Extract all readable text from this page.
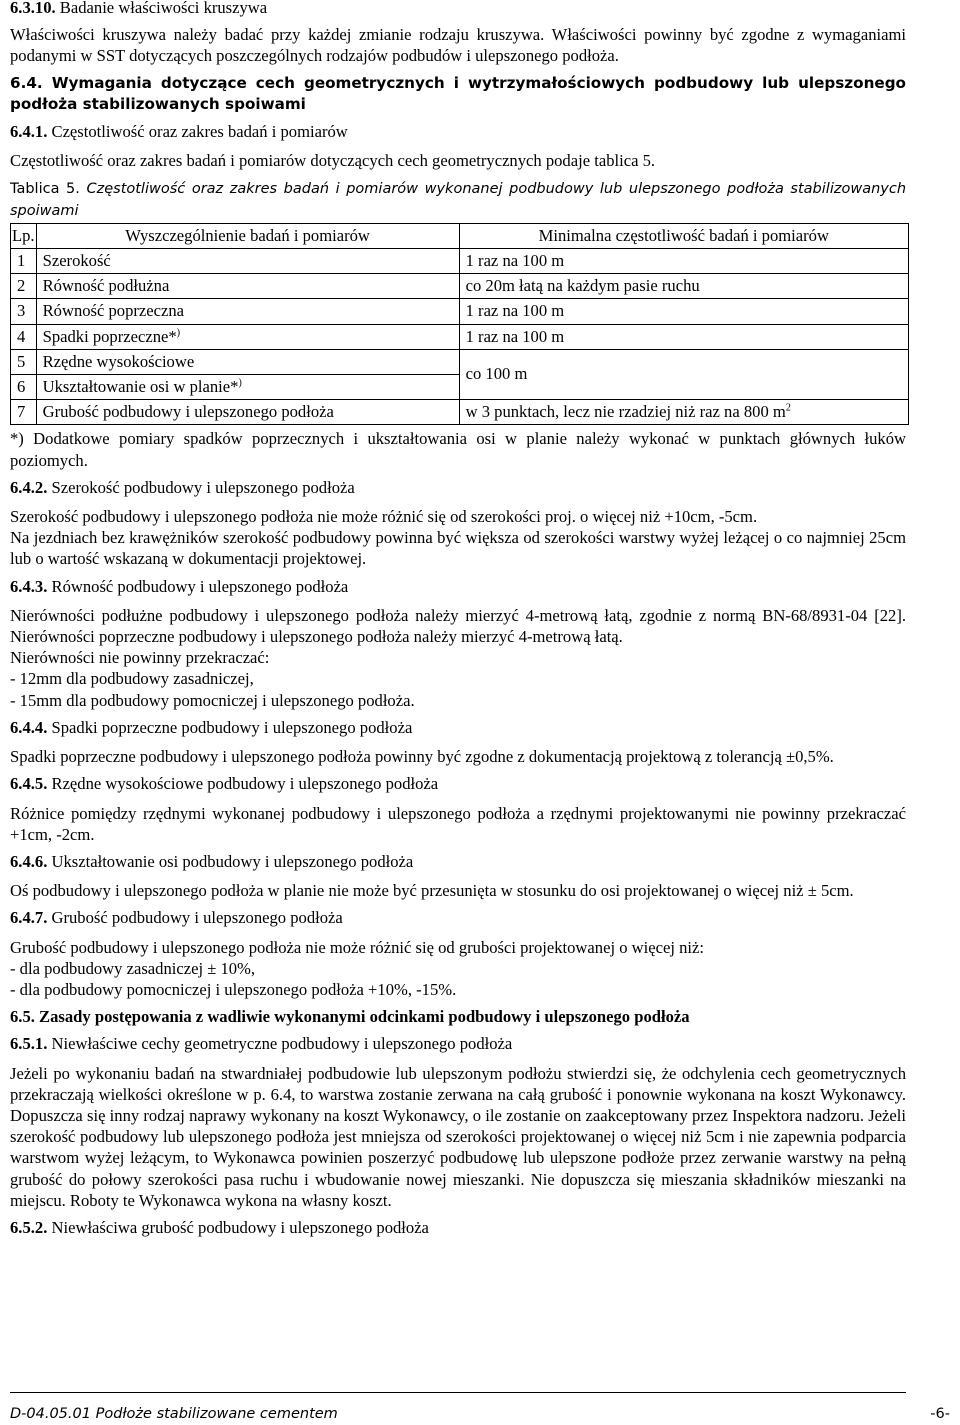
6.3.10. Badanie właściwości kruszywa

Właściwości kruszywa należy badać przy każdej zmianie rodzaju kruszywa. Właściwości powinny być zgodne z wymaganiami podanymi w SST dotyczących poszczególnych rodzajów podbudów i ulepszonego podłoża.

6.4. Wymagania dotyczące cech geometrycznych i wytrzymałościowych podbudowy lub ulepszonego podłoża stabilizowanych spoiwami

6.4.1. Częstotliwość oraz zakres badań i pomiarów

Częstotliwość oraz zakres badań i pomiarów dotyczących cech geometrycznych podaje tablica 5.

Tablica 5. Częstotliwość oraz zakres badań i pomiarów wykonanej podbudowy lub ulepszonego podłoża stabilizowanych spoiwami

Lp.	Wyszczególnienie badań i pomiarów	Minimalna częstotliwość badań i pomiarów
1	Szerokość	1 raz na 100 m
2	Równość podłużna	co 20m łatą na każdym pasie ruchu
3	Równość poprzeczna	1 raz na 100 m
4	Spadki poprzeczne*)	1 raz na 100 m
5	Rzędne wysokościowe	co 100 m
6	Ukształtowanie osi w planie*)
7	Grubość podbudowy i ulepszonego podłoża	w 3 punktach, lecz nie rzadziej niż raz na 800 $m^2$

*) Dodatkowe pomiary spadków poprzecznych i ukształtowania osi w planie należy wykonać w punktach głównych łuków poziomych.

6.4.2. Szerokość podbudowy i ulepszonego podłoża

Szerokość podbudowy i ulepszonego podłoża nie może różnić się od szerokości proj. o więcej niż +10cm, -5cm.

Na jezdniach bez krawężników szerokość podbudowy powinna być większa od szerokości warstwy wyżej leżącej o co najmniej 25cm lub o wartość wskazaną w dokumentacji projektowej.

6.4.3. Równość podbudowy i ulepszonego podłoża

Nierówności podłużne podbudowy i ulepszonego podłoża należy mierzyć 4-metrową łatą, zgodnie z normą BN-68/8931-04 [22]. Nierówności poprzeczne podbudowy i ulepszonego podłoża należy mierzyć 4-metrową łatą.

Nierówności nie powinny przekraczać:

- 12mm dla podbudowy zasadniczej,

- 15mm dla podbudowy pomocniczej i ulepszonego podłoża.

6.4.4. Spadki poprzeczne podbudowy i ulepszonego podłoża

Spadki poprzeczne podbudowy i ulepszonego podłoża powinny być zgodne z dokumentacją projektową z tolerancją ±0,5%.

6.4.5. Rzędne wysokościowe podbudowy i ulepszonego podłoża

Różnice pomiędzy rzędnymi wykonanej podbudowy i ulepszonego podłoża a rzędnymi projektowanymi nie powinny przekraczać +1cm, -2cm.

6.4.6. Ukształtowanie osi podbudowy i ulepszonego podłoża

Oś podbudowy i ulepszonego podłoża w planie nie może być przesunięta w stosunku do osi projektowanej o więcej niż ± 5cm.

6.4.7. Grubość podbudowy i ulepszonego podłoża

Grubość podbudowy i ulepszonego podłoża nie może różnić się od grubości projektowanej o więcej niż:

- dla podbudowy zasadniczej ± 10%,

- dla podbudowy pomocniczej i ulepszonego podłoża +10%, -15%.

6.5. Zasady postępowania z wadliwie wykonanymi odcinkami podbudowy i ulepszonego podłoża

6.5.1. Niewłaściwe cechy geometryczne podbudowy i ulepszonego podłoża

Jeżeli po wykonaniu badań na stwardniałej podbudowie lub ulepszonym podłożu stwierdzi się, że odchylenia cech geometrycznych przekraczają wielkości określone w p. 6.4, to warstwa zostanie zerwana na całą grubość i ponownie wykonana na koszt Wykonawcy. Dopuszcza się inny rodzaj naprawy wykonany na koszt Wykonawcy, o ile zostanie on zaakceptowany przez Inspektora nadzoru. Jeżeli szerokość podbudowy lub ulepszonego podłoża jest mniejsza od szerokości projektowanej o więcej niż 5cm i nie zapewnia podparcia warstwom wyżej leżącym, to Wykonawca powinien poszerzyć podbudowę lub ulepszone podłoże przez zerwanie warstwy na pełną grubość do połowy szerokości pasa ruchu i wbudowanie nowej mieszanki. Nie dopuszcza się mieszania składników mieszanki na miejscu. Roboty te Wykonawca wykona na własny koszt.

6.5.2. Niewłaściwa grubość podbudowy i ulepszonego podłoża

D-04.05.01 Podłoże stabilizowane cementem	-6-
